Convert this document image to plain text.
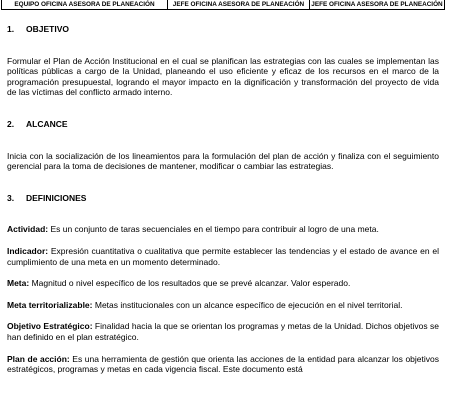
EQUIPO OFICINA ASESORA DE PLANEACIÓN	JEFE OFICINA ASESORA DE PLANEACIÓN	JEFE OFICINA ASESORA DE PLANEACIÓN
1. OBJETIVO

Formular el Plan de Acción Institucional en el cual se planifican las estrategias con las cuales se implementan las políticas públicas a cargo de la Unidad, planeando el uso eficiente y eficaz de los recursos en el marco de la programación presupuestal, logrando el mayor impacto en la dignificación y transformación del proyecto de vida de las víctimas del conflicto armado interno.

2. ALCANCE

Inicia con la socialización de los lineamientos para la formulación del plan de acción y finaliza con el seguimiento gerencial para la toma de decisiones de mantener, modificar o cambiar las estrategias.

3. DEFINICIONES

Actividad: Es un conjunto de taras secuenciales en el tiempo para contribuir al logro de una meta.

Indicador: Expresión cuantitativa o cualitativa que permite establecer las tendencias y el estado de avance en el cumplimiento de una meta en un momento determinado.

Meta: Magnitud o nivel específico de los resultados que se prevé alcanzar. Valor esperado.

Meta territorializable: Metas institucionales con un alcance específico de ejecución en el nivel territorial.

Objetivo Estratégico: Finalidad hacia la que se orientan los programas y metas de la Unidad. Dichos objetivos se han definido en el plan estratégico.

Plan de acción: Es una herramienta de gestión que orienta las acciones de la entidad para alcanzar los objetivos estratégicos, programas y metas en cada vigencia fiscal. Este documento está
